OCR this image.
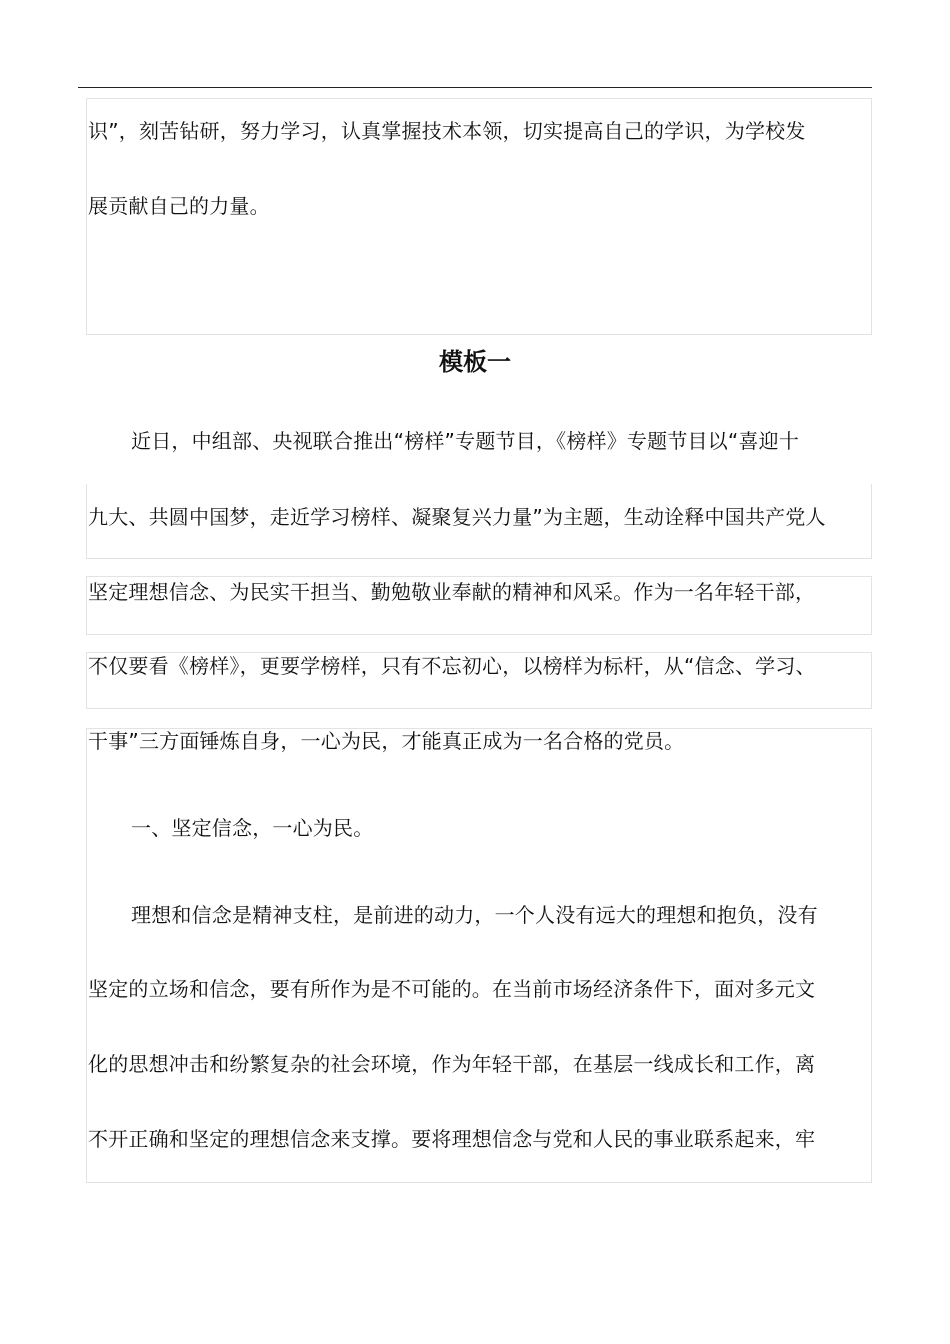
识”，刻苦钻研，努力学习，认真掌握技术本领，切实提高自己的学识，为学校发
展贡献自己的力量。
模板一
近日，中组部、央视联合推出“榜样”专题节目，《榜样》专题节目以“喜迎十
九大、共圆中国梦，走近学习榜样、凝聚复兴力量”为主题，生动诠释中国共产党人
坚定理想信念、为民实干担当、勤勉敬业奉献的精神和风采。作为一名年轻干部，
不仅要看《榜样》，更要学榜样，只有不忘初心，以榜样为标杆，从“信念、学习、
干事”三方面锤炼自身，一心为民，才能真正成为一名合格的党员。
一、坚定信念，一心为民。
理想和信念是精神支柱，是前进的动力，一个人没有远大的理想和抱负，没有
坚定的立场和信念，要有所作为是不可能的。在当前市场经济条件下，面对多元文
化的思想冲击和纷繁复杂的社会环境，作为年轻干部，在基层一线成长和工作，离
不开正确和坚定的理想信念来支撑。要将理想信念与党和人民的事业联系起来，牢
